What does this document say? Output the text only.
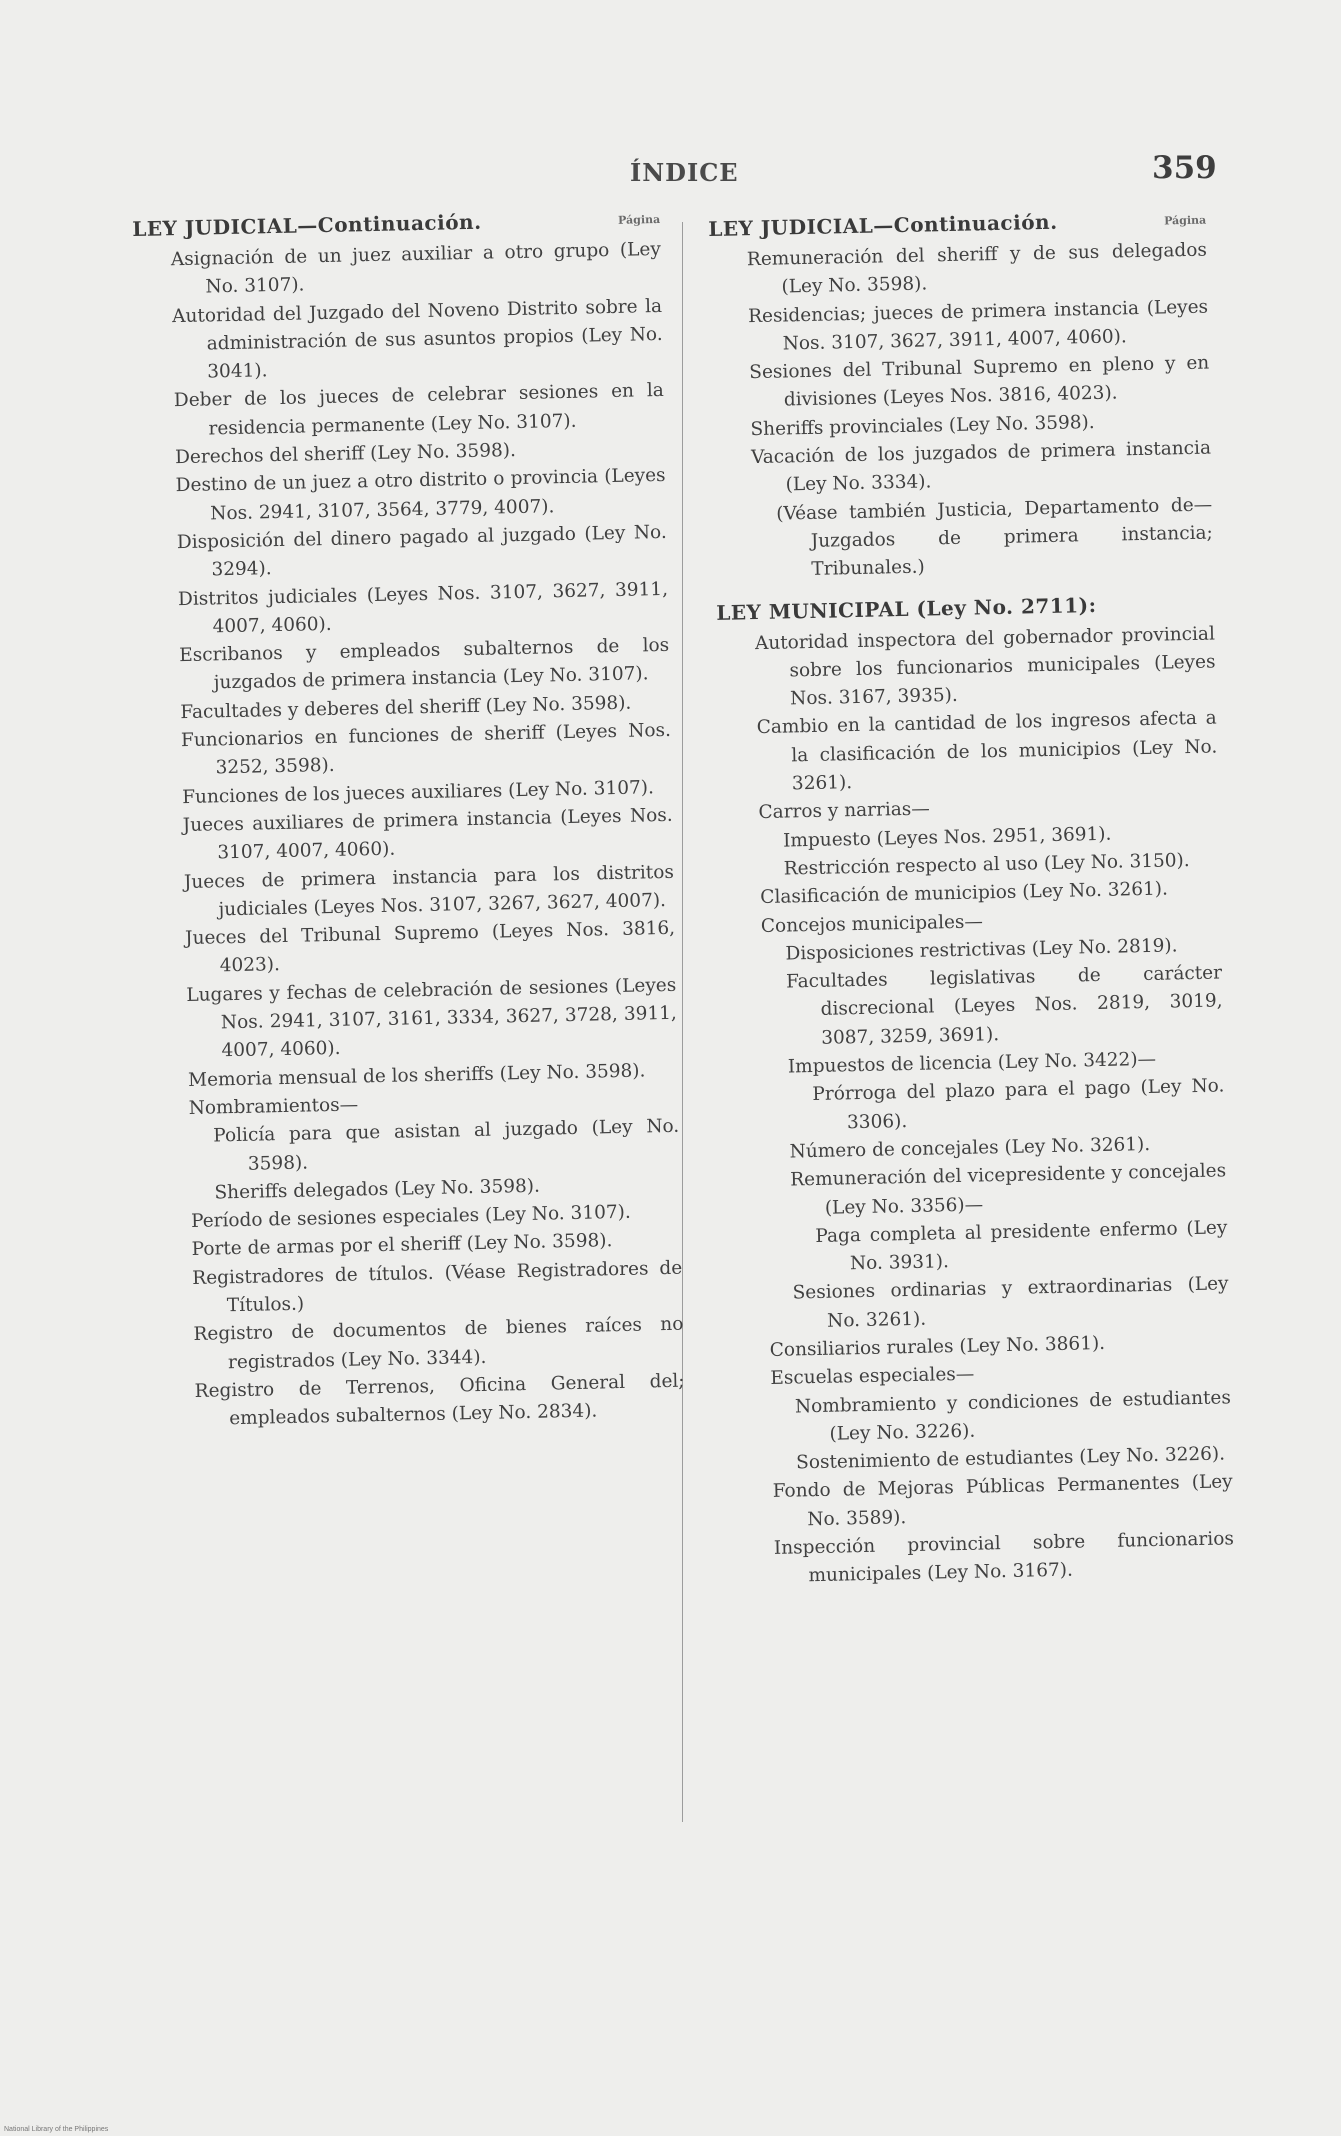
ÍNDICE	359
LEY JUDICIAL—Continuación.	Página
Asignación de un juez auxiliar a otro grupo (Ley No. 3107).
Autoridad del Juzgado del Noveno Distrito sobre la administración de sus asuntos propios (Ley No. 3041).
Deber de los jueces de celebrar sesiones en la residencia permanente (Ley No. 3107).
Derechos del sheriff (Ley No. 3598).
Destino de un juez a otro distrito o provincia (Leyes Nos. 2941, 3107, 3564, 3779, 4007).
Disposición del dinero pagado al juzgado (Ley No. 3294).
Distritos judiciales (Leyes Nos. 3107, 3627, 3911, 4007, 4060).
Escribanos y empleados subalternos de los juzgados de primera instancia (Ley No. 3107).
Facultades y deberes del sheriff (Ley No. 3598).
Funcionarios en funciones de sheriff (Leyes Nos. 3252, 3598).
Funciones de los jueces auxiliares (Ley No. 3107).
Jueces auxiliares de primera instancia (Leyes Nos. 3107, 4007, 4060).
Jueces de primera instancia para los distritos judiciales (Leyes Nos. 3107, 3267, 3627, 4007).
Jueces del Tribunal Supremo (Leyes Nos. 3816, 4023).
Lugares y fechas de celebración de sesiones (Leyes Nos. 2941, 3107, 3161, 3334, 3627, 3728, 3911, 4007, 4060).
Memoria mensual de los sheriffs (Ley No. 3598).
Nombramientos—
Policía para que asistan al juzgado (Ley No. 3598).
Sheriffs delegados (Ley No. 3598).
Período de sesiones especiales (Ley No. 3107).
Porte de armas por el sheriff (Ley No. 3598).
Registradores de títulos. (Véase Registradores de Títulos.)
Registro de documentos de bienes raíces no registrados (Ley No. 3344).
Registro de Terrenos, Oficina General del; empleados subalternos (Ley No. 2834).
LEY JUDICIAL—Continuación.	Página
Remuneración del sheriff y de sus delegados (Ley No. 3598).
Residencias; jueces de primera instancia (Leyes Nos. 3107, 3627, 3911, 4007, 4060).
Sesiones del Tribunal Supremo en pleno y en divisiones (Leyes Nos. 3816, 4023).
Sheriffs provinciales (Ley No. 3598).
Vacación de los juzgados de primera instancia (Ley No. 3334).
(Véase también Justicia, Departamento de—Juzgados de primera instancia; Tribunales.)
LEY MUNICIPAL (Ley No. 2711):
Autoridad inspectora del gobernador provincial sobre los funcionarios municipales (Leyes Nos. 3167, 3935).
Cambio en la cantidad de los ingresos afecta a la clasificación de los municipios (Ley No. 3261).
Carros y narrias—
Impuesto (Leyes Nos. 2951, 3691).
Restricción respecto al uso (Ley No. 3150).
Clasificación de municipios (Ley No. 3261).
Concejos municipales—
Disposiciones restrictivas (Ley No. 2819).
Facultades legislativas de carácter discrecional (Leyes Nos. 2819, 3019, 3087, 3259, 3691).
Impuestos de licencia (Ley No. 3422)—
Prórroga del plazo para el pago (Ley No. 3306).
Número de concejales (Ley No. 3261).
Remuneración del vicepresidente y concejales (Ley No. 3356)—
Paga completa al presidente enfermo (Ley No. 3931).
Sesiones ordinarias y extraordinarias (Ley No. 3261).
Consiliarios rurales (Ley No. 3861).
Escuelas especiales—
Nombramiento y condiciones de estudiantes (Ley No. 3226).
Sostenimiento de estudiantes (Ley No. 3226).
Fondo de Mejoras Públicas Permanentes (Ley No. 3589).
Inspección provincial sobre funcionarios municipales (Ley No. 3167).
National Library of the Philippines
